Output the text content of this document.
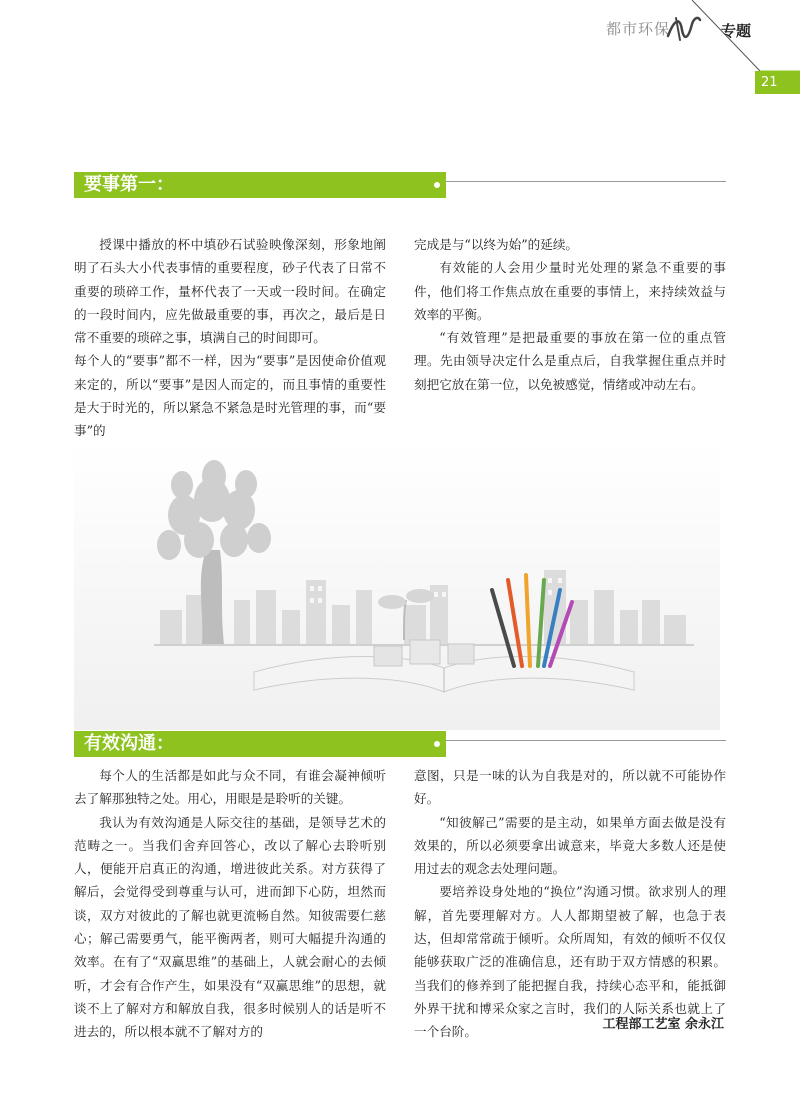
都市环保	专题
21
要事第一：

授课中播放的杯中填砂石试验映像深刻，形象地阐明了石头大小代表事情的重要程度，砂子代表了日常不重要的琐碎工作，量杯代表了一天或一段时间。在确定的一段时间内，应先做最重要的事，再次之，最后是日常不重要的琐碎之事，填满自己的时间即可。

每个人的“要事”都不一样，因为“要事”是因使命价值观来定的，所以“要事”是因人而定的，而且事情的重要性是大于时光的，所以紧急不紧急是时光管理的事，而“要事”的

完成是与“以终为始”的延续。

有效能的人会用少量时光处理的紧急不重要的事件，他们将工作焦点放在重要的事情上，来持续效益与效率的平衡。

“有效管理”是把最重要的事放在第一位的重点管理。先由领导决定什么是重点后，自我掌握住重点并时刻把它放在第一位，以免被感觉，情绪或冲动左右。

有效沟通：

每个人的生活都是如此与众不同，有谁会凝神倾听去了解那独特之处。用心，用眼是是聆听的关键。

我认为有效沟通是人际交往的基础，是领导艺术的范畴之一。当我们舍弃回答心，改以了解心去聆听别人，便能开启真正的沟通，增进彼此关系。对方获得了解后，会觉得受到尊重与认可，进而卸下心防，坦然而谈，双方对彼此的了解也就更流畅自然。知彼需要仁慈心；解己需要勇气，能平衡两者，则可大幅提升沟通的效率。在有了“双赢思维”的基础上，人就会耐心的去倾听，才会有合作产生，如果没有“双赢思维”的思想，就谈不上了解对方和解放自我，很多时候别人的话是听不进去的，所以根本就不了解对方的

意图，只是一味的认为自我是对的，所以就不可能协作好。

“知彼解己”需要的是主动，如果单方面去做是没有效果的，所以必须要拿出诚意来，毕竟大多数人还是使用过去的观念去处理问题。

要培养设身处地的“换位”沟通习惯。欲求别人的理解，首先要理解对方。人人都期望被了解，也急于表达，但却常常疏于倾听。众所周知，有效的倾听不仅仅能够获取广泛的准确信息，还有助于双方情感的积累。当我们的修养到了能把握自我，持续心态平和，能抵御外界干扰和博采众家之言时，我们的人际关系也就上了一个台阶。	工程部工艺室 余永江
